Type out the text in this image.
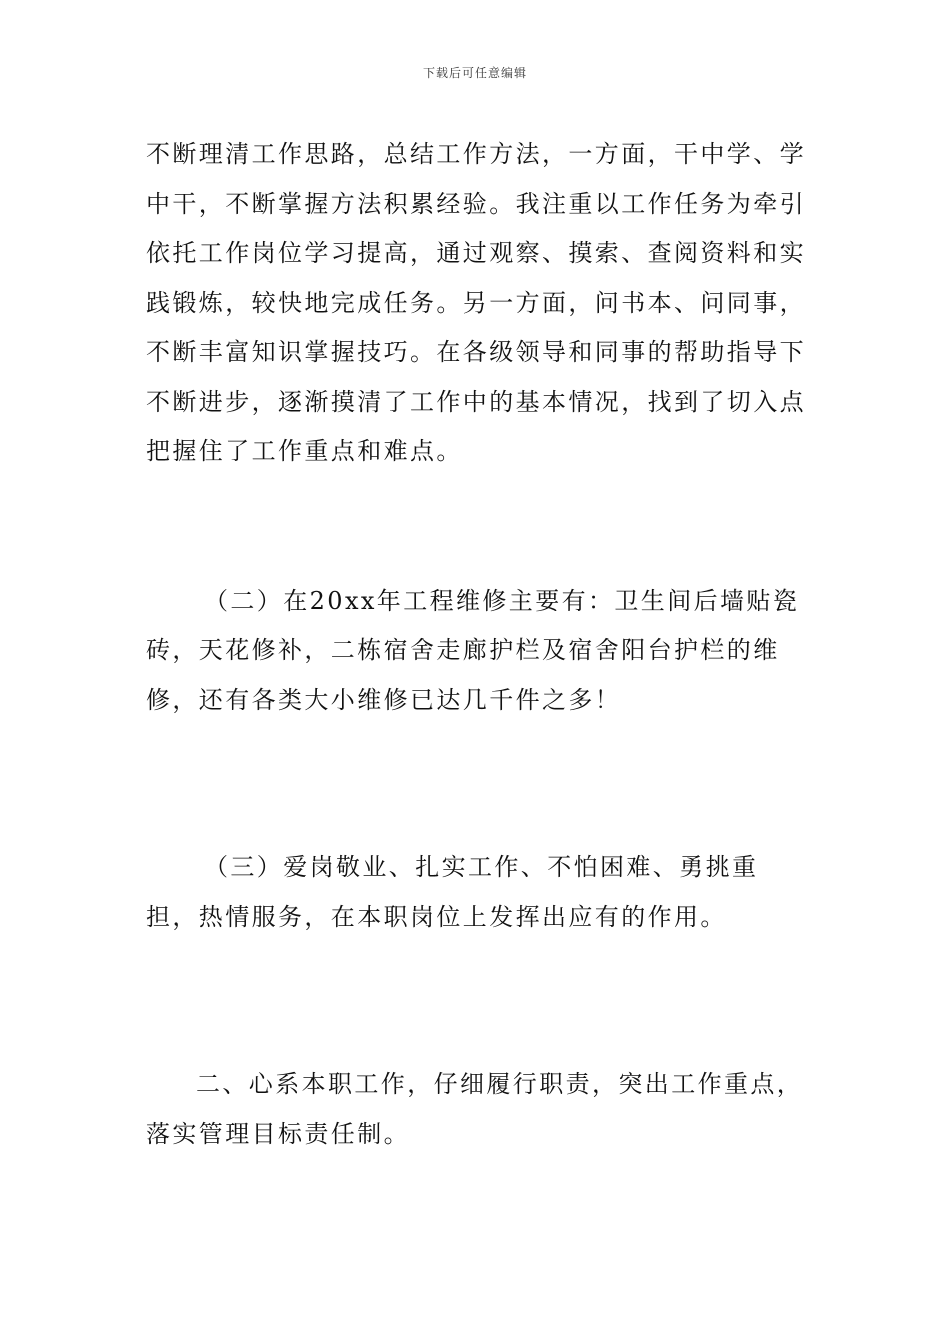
下载后可任意编辑

不断理清工作思路，总结工作方法，一方面，干中学、学中干，不断掌握方法积累经验。我注重以工作任务为牵引依托工作岗位学习提高，通过观察、摸索、查阅资料和实践锻炼，较快地完成任务。另一方面，问书本、问同事，不断丰富知识掌握技巧。在各级领导和同事的帮助指导下不断进步，逐渐摸清了工作中的基本情况，找到了切入点把握住了工作重点和难点。

（二）在20xx年工程维修主要有：卫生间后墙贴瓷砖，天花修补，二栋宿舍走廊护栏及宿舍阳台护栏的维修，还有各类大小维修已达几千件之多！

（三）爱岗敬业、扎实工作、不怕困难、勇挑重担，热情服务，在本职岗位上发挥出应有的作用。

二、心系本职工作，仔细履行职责，突出工作重点，落实管理目标责任制。
